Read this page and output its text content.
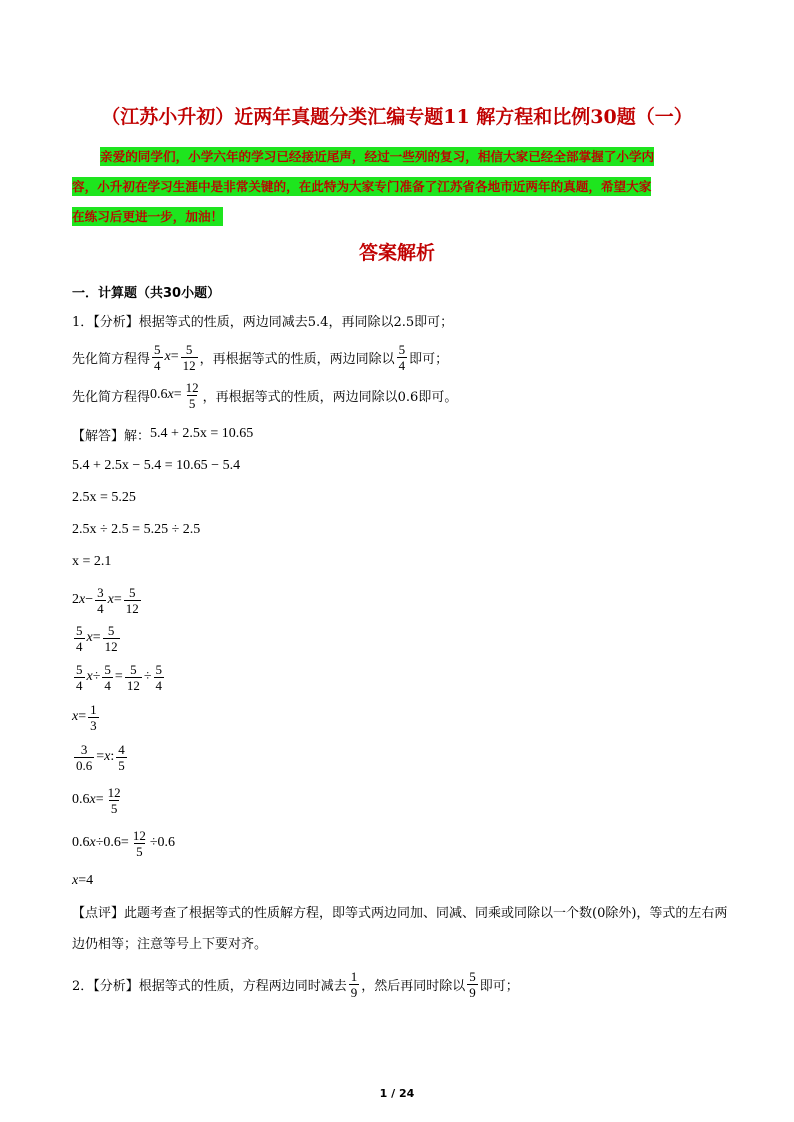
（江苏小升初）近两年真题分类汇编专题11 解方程和比例30题（一）
亲爱的同学们，小学六年的学习已经接近尾声，经过一些列的复习，相信大家已经全部掌握了小学内
容，小升初在学习生涯中是非常关键的，在此特为大家专门准备了江苏省各地市近两年的真题，希望大家
在练习后更进一步，加油！
答案解析
一．计算题（共30小题）
1．【分析】根据等式的性质，两边同减去5.4，再同除以2.5即可；
先化简方程得 $\frac{5}{4}$ $x = \frac{5}{12}$ ，再根据等式的性质，两边同除以 $\frac{5}{4}$ 即可；
先化简方程得 0.6 $x = \frac{12}{5}$ ，再根据等式的性质，两边同除以0.6即可。
【解答】解： 5.4 + 2.5x = 10.65
5.4 + 2.5x − 5.4 = 10.65 − 5.4
2.5x = 5.25
2.5x ÷ 2.5 = 5.25 ÷ 2.5
x = 2.1
2 $x - \frac{3}{4}$ $x = \frac{5}{12}$
$\frac{5}{4}$ $x = \frac{5}{12}$
$\frac{5}{4}$ $x \div \frac{5}{4} = \frac{5}{12} \div \frac{5}{4}$
$x = \frac{1}{3}$
$\frac{3}{0.6} = x$ : $\frac{4}{5}$
0.6 $x = \frac{12}{5}$
0.6 $x \div 0.6 = \frac{12}{5} \div 0.6$
x = 4
【点评】此题考查了根据等式的性质解方程，即等式两边同加、同减、同乘或同除以一个数(0除外)，等式的左右两边仍相等；注意等号上下要对齐。
2．【分析】根据等式的性质，方程两边同时减去 $\frac{1}{9}$ ，然后再同时除以 $\frac{5}{9}$ 即可；
1 / 24
